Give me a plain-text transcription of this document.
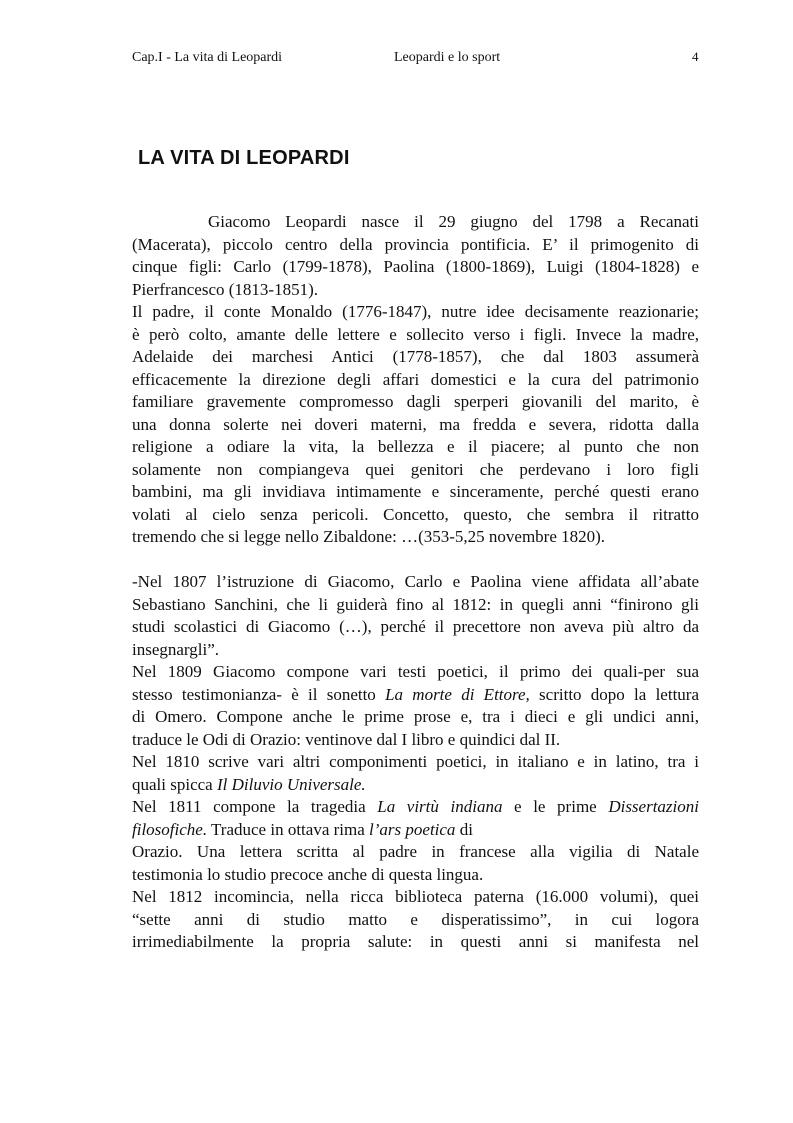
Cap.I - La vita di Leopardi	Leopardi e lo sport	4
LA VITA DI LEOPARDI
Giacomo Leopardi nasce il 29 giugno del 1798 a Recanati
(Macerata), piccolo centro della provincia pontificia. E’ il primogenito di
cinque figli: Carlo (1799-1878), Paolina (1800-1869), Luigi (1804-1828) e
Pierfrancesco (1813-1851).
Il padre, il conte Monaldo (1776-1847), nutre idee decisamente reazionarie;
è però colto, amante delle lettere e sollecito verso i figli. Invece la madre,
Adelaide dei marchesi Antici (1778-1857), che dal 1803 assumerà
efficacemente la direzione degli affari domestici e la cura del patrimonio
familiare gravemente compromesso dagli sperperi giovanili del marito, è
una donna solerte nei doveri materni, ma fredda e severa, ridotta dalla
religione a odiare la vita, la bellezza e il piacere; al punto che non
solamente non compiangeva quei genitori che perdevano i loro figli
bambini, ma gli invidiava intimamente e sinceramente, perché questi erano
volati al cielo senza pericoli. Concetto, questo, che sembra il ritratto
tremendo che si legge nello Zibaldone: …(353-5,25 novembre 1820).
-Nel 1807 l’istruzione di Giacomo, Carlo e Paolina viene affidata all’abate
Sebastiano Sanchini, che li guiderà fino al 1812: in quegli anni “finirono gli
studi scolastici di Giacomo (…), perché il precettore non aveva più altro da
insegnargli”.
Nel 1809 Giacomo compone vari testi poetici, il primo dei quali-per sua
stesso testimonianza- è il sonetto La morte di Ettore, scritto dopo la lettura
di Omero. Compone anche le prime prose e, tra i dieci e gli undici anni,
traduce le Odi di Orazio: ventinove dal I libro e quindici dal II.
Nel 1810 scrive vari altri componimenti poetici, in italiano e in latino, tra i
quali spicca Il Diluvio Universale.
Nel 1811 compone la tragedia La virtù indiana e le prime Dissertazioni
filosofiche. Traduce in ottava rima l’ars poetica di
Orazio. Una lettera scritta al padre in francese alla vigilia di Natale
testimonia lo studio precoce anche di questa lingua.
Nel 1812 incomincia, nella ricca biblioteca paterna (16.000 volumi), quei
“sette anni di studio matto e disperatissimo”, in cui logora
irrimediabilmente la propria salute: in questi anni si manifesta nel
